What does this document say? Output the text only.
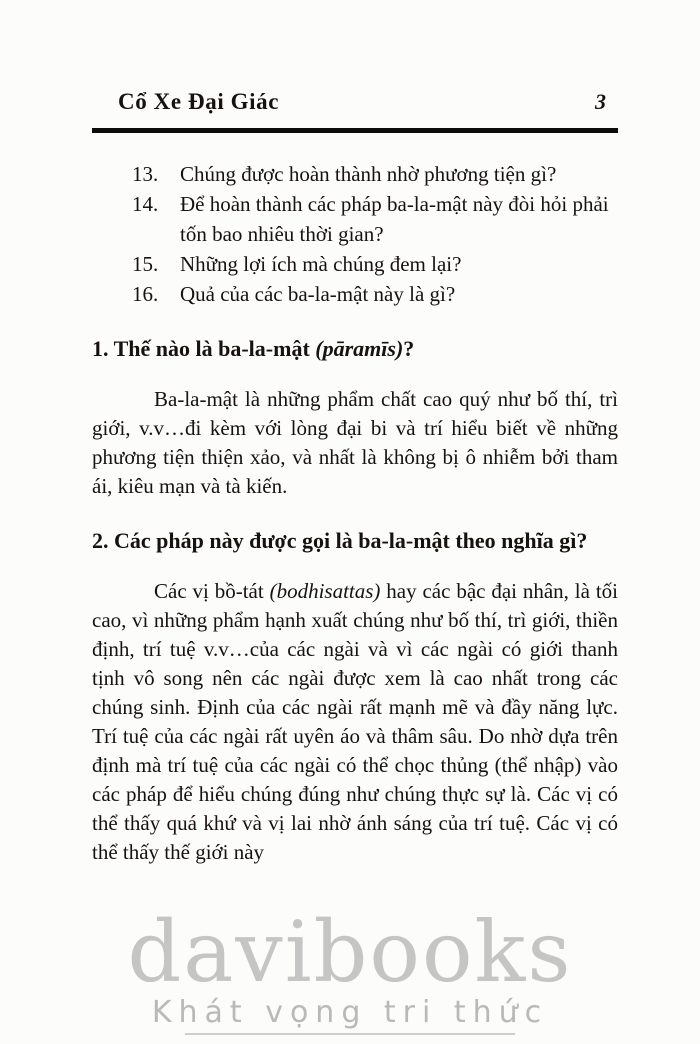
Cổ Xe Đại Giác	3
13.	Chúng được hoàn thành nhờ phương tiện gì?
14.	Để hoàn thành các pháp ba-la-mật này đòi hỏi phải tốn bao nhiêu thời gian?
15.	Những lợi ích mà chúng đem lại?
16.	Quả của các ba-la-mật này là gì?
1. Thế nào là ba-la-mật (pāramīs)?

Ba-la-mật là những phẩm chất cao quý như bố thí, trì giới, v.v…đi kèm với lòng đại bi và trí hiểu biết về những phương tiện thiện xảo, và nhất là không bị ô nhiễm bởi tham ái, kiêu mạn và tà kiến.

2. Các pháp này được gọi là ba-la-mật theo nghĩa gì?

Các vị bồ-tát (bodhisattas) hay các bậc đại nhân, là tối cao, vì những phẩm hạnh xuất chúng như bố thí, trì giới, thiền định, trí tuệ v.v…của các ngài và vì các ngài có giới thanh tịnh vô song nên các ngài được xem là cao nhất trong các chúng sinh. Định của các ngài rất mạnh mẽ và đầy năng lực. Trí tuệ của các ngài rất uyên áo và thâm sâu. Do nhờ dựa trên định mà trí tuệ của các ngài có thể chọc thủng (thể nhập) vào các pháp để hiểu chúng đúng như chúng thực sự là. Các vị có thể thấy quá khứ và vị lai nhờ ánh sáng của trí tuệ. Các vị có thể thấy thế giới này

davibooks
Khát vọng tri thức
